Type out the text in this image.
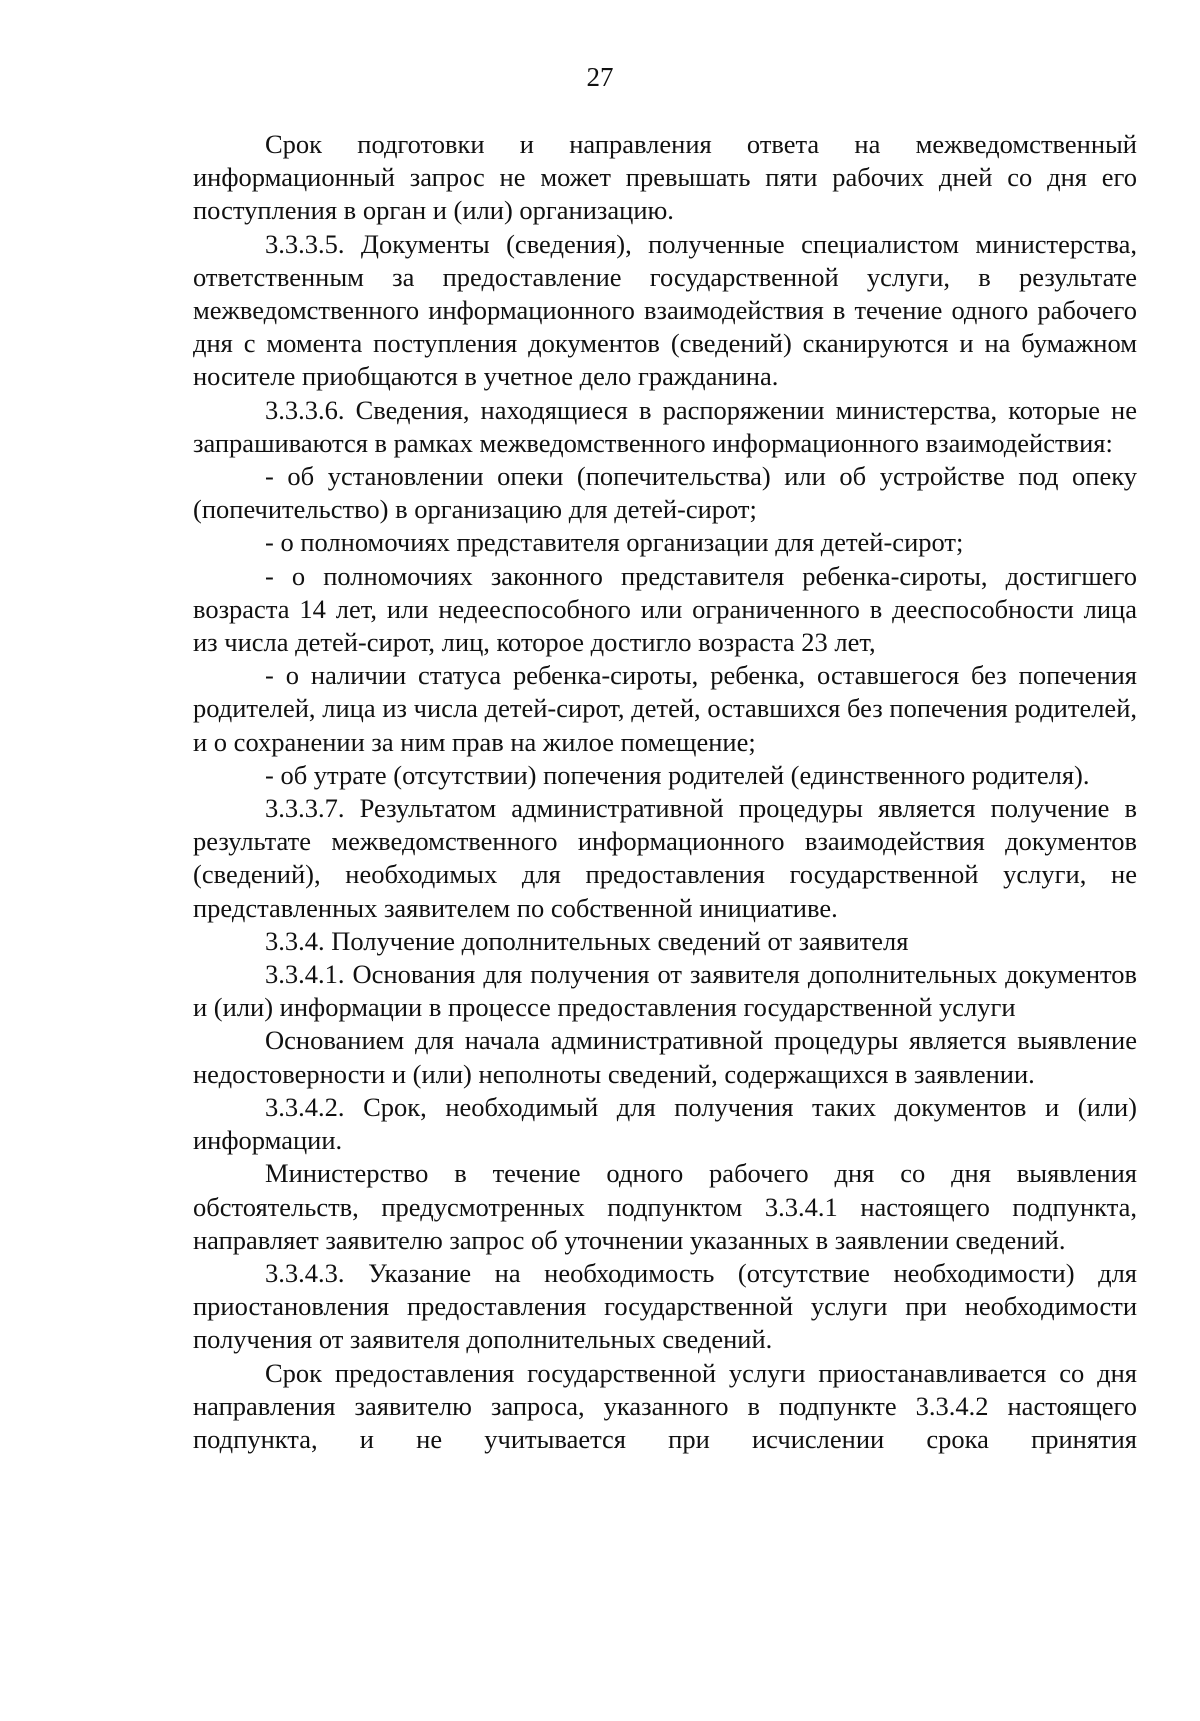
27

Срок подготовки и направления ответа на межведомственный информационный запрос не может превышать пяти рабочих дней со дня его поступления в орган и (или) организацию.

3.3.3.5. Документы (сведения), полученные специалистом министерства, ответственным за предоставление государственной услуги, в результате межведомственного информационного взаимодействия в течение одного рабочего дня с момента поступления документов (сведений) сканируются и на бумажном носителе приобщаются в учетное дело гражданина.

3.3.3.6. Сведения, находящиеся в распоряжении министерства, которые не запрашиваются в рамках межведомственного информационного взаимодействия:

- об установлении опеки (попечительства) или об устройстве под опеку (попечительство) в организацию для детей-сирот;

- о полномочиях представителя организации для детей-сирот;

- о полномочиях законного представителя ребенка-сироты, достигшего возраста 14 лет, или недееспособного или ограниченного в дееспособности лица из числа детей-сирот, лиц, которое достигло возраста 23 лет,

- о наличии статуса ребенка-сироты, ребенка, оставшегося без попечения родителей, лица из числа детей-сирот, детей, оставшихся без попечения родителей, и о сохранении за ним прав на жилое помещение;

- об утрате (отсутствии) попечения родителей (единственного родителя).

3.3.3.7. Результатом административной процедуры является получение в результате межведомственного информационного взаимодействия документов (сведений), необходимых для предоставления государственной услуги, не представленных заявителем по собственной инициативе.

3.3.4. Получение дополнительных сведений от заявителя

3.3.4.1. Основания для получения от заявителя дополнительных документов и (или) информации в процессе предоставления государственной услуги

Основанием для начала административной процедуры является выявление недостоверности и (или) неполноты сведений, содержащихся в заявлении.

3.3.4.2. Срок, необходимый для получения таких документов и (или) информации.

Министерство в течение одного рабочего дня со дня выявления обстоятельств, предусмотренных подпунктом 3.3.4.1 настоящего подпункта, направляет заявителю запрос об уточнении указанных в заявлении сведений.

3.3.4.3. Указание на необходимость (отсутствие необходимости) для приостановления предоставления государственной услуги при необходимости получения от заявителя дополнительных сведений.

Срок предоставления государственной услуги приостанавливается со дня направления заявителю запроса, указанного в подпункте 3.3.4.2 настоящего подпункта, и не учитывается при исчислении срока принятия
